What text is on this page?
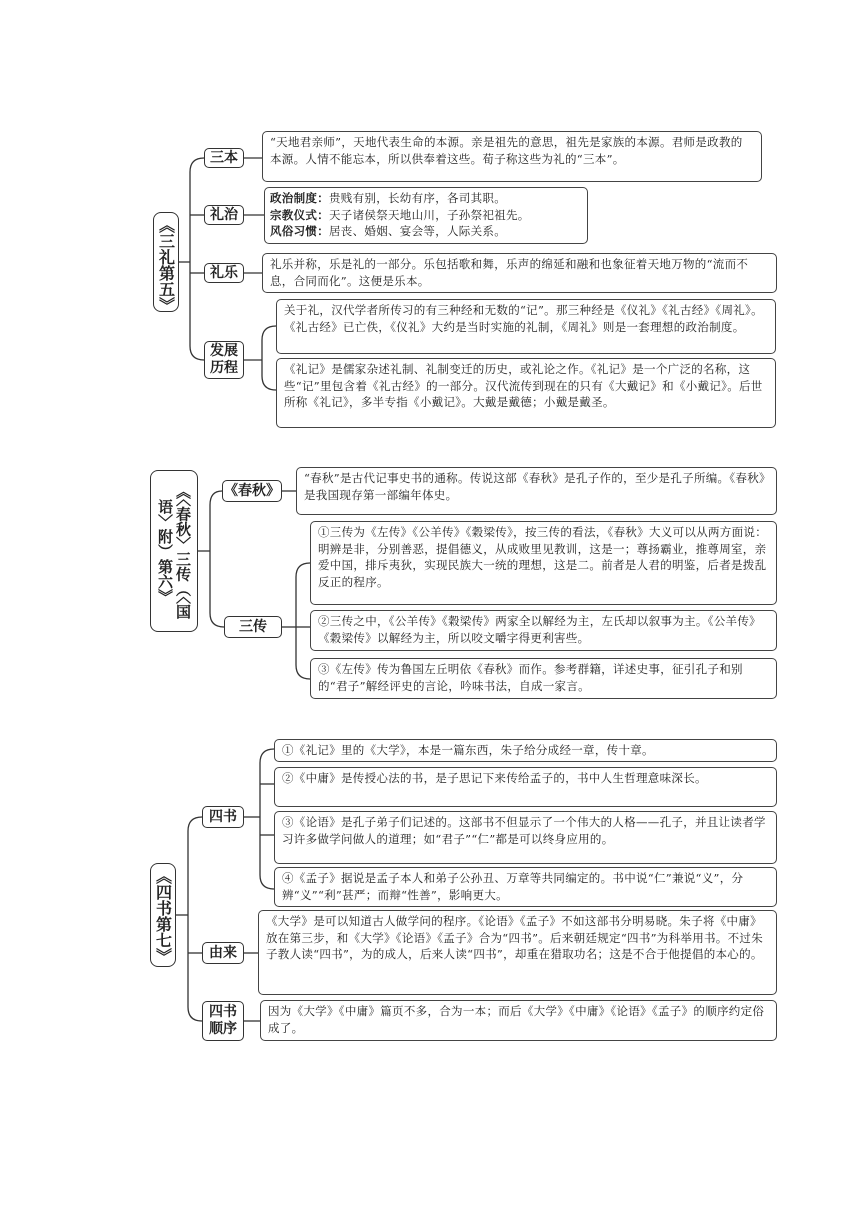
《三礼第五》
三本

“天地君亲师”，天地代表生命的本源。亲是祖先的意思，祖先是家族的本源。君师是政教的本源。人情不能忘本，所以供奉着这些。荀子称这些为礼的“三本”。

礼治

政治制度：贵贱有别，长幼有序，各司其职。

宗教仪式：天子诸侯祭天地山川，子孙祭祀祖先。

风俗习惯：居丧、婚姻、宴会等，人际关系。

礼乐

礼乐并称，乐是礼的一部分。乐包括歌和舞，乐声的绵延和融和也象征着天地万物的“流而不息，合同而化”。这便是乐本。

发展历程

关于礼，汉代学者所传习的有三种经和无数的“记”。那三种经是《仪礼》《礼古经》《周礼》。《礼古经》已亡佚，《仪礼》大约是当时实施的礼制，《周礼》则是一套理想的政治制度。

《礼记》是儒家杂述礼制、礼制变迁的历史，或礼论之作。《礼记》是一个广泛的名称，这些“记”里包含着《礼古经》的一部分。汉代流传到现在的只有《大戴记》和《小戴记》。后世所称《礼记》，多半专指《小戴记》。大戴是戴德；小戴是戴圣。

《〈春秋〉三传（〈国语〉附）第六》
《春秋》

“春秋”是古代记事史书的通称。传说这部《春秋》是孔子作的，至少是孔子所编。《春秋》是我国现存第一部编年体史。

三传

①三传为《左传》《公羊传》《穀梁传》，按三传的看法，《春秋》大义可以从两方面说：明辨是非，分别善恶，提倡德义，从成败里见教训，这是一；尊扬霸业，推尊周室，亲爱中国，排斥夷狄，实现民族大一统的理想，这是二。前者是人君的明鉴，后者是拨乱反正的程序。

②三传之中，《公羊传》《穀梁传》两家全以解经为主，左氏却以叙事为主。《公羊传》《穀梁传》以解经为主，所以咬文嚼字得更利害些。

③《左传》传为鲁国左丘明依《春秋》而作。参考群籍，详述史事，征引孔子和别的“君子”解经评史的言论，吟味书法，自成一家言。

《四书第七》
四书

①《礼记》里的《大学》，本是一篇东西，朱子给分成经一章，传十章。

②《中庸》是传授心法的书，是子思记下来传给孟子的，书中人生哲理意味深长。

③《论语》是孔子弟子们记述的。这部书不但显示了一个伟大的人格——孔子，并且让读者学习许多做学问做人的道理；如“君子”“仁”都是可以终身应用的。

④《孟子》据说是孟子本人和弟子公孙丑、万章等共同编定的。书中说“仁”兼说“义”，分辨“义”“利”甚严；而辩“性善”，影响更大。

由来

《大学》是可以知道古人做学问的程序。《论语》《孟子》不如这部书分明易晓。朱子将《中庸》放在第三步，和《大学》《论语》《孟子》合为“四书”。后来朝廷规定“四书”为科举用书。不过朱子教人读“四书”，为的成人，后来人读“四书”，却重在猎取功名；这是不合于他提倡的本心的。

四书顺序

因为《大学》《中庸》篇页不多，合为一本；而后《大学》《中庸》《论语》《孟子》的顺序约定俗成了。
